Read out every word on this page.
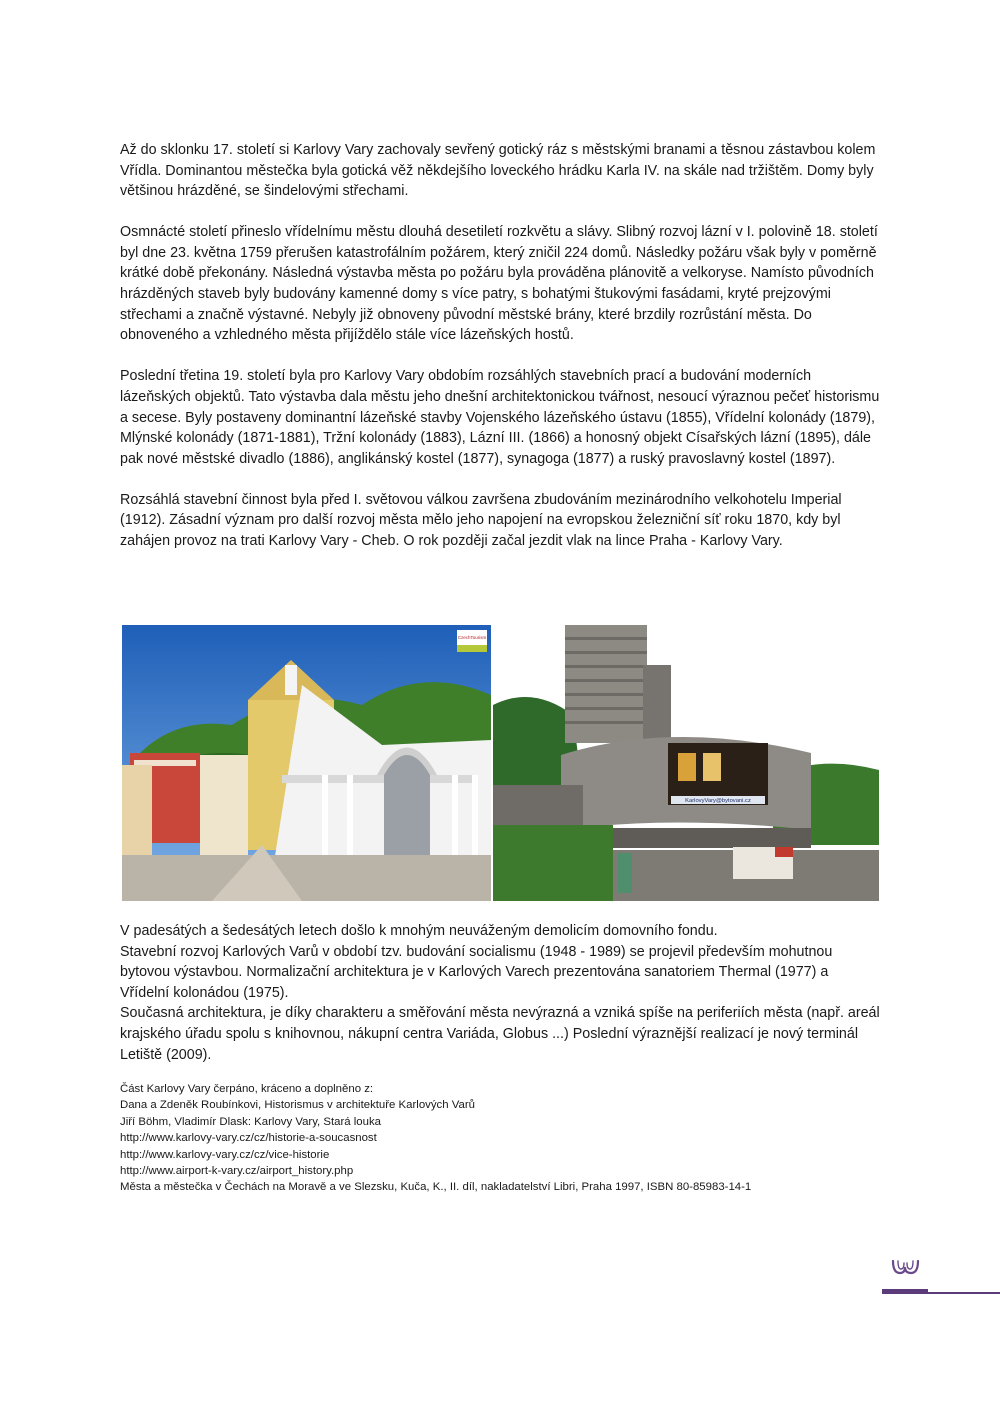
Až do sklonku 17. století si Karlovy Vary zachovaly sevřený gotický ráz s městskými branami a těsnou zástavbou kolem Vřídla. Dominantou městečka byla gotická věž někdejšího loveckého hrádku Karla IV. na skále nad tržištěm. Domy byly většinou hrázděné, se šindelovými střechami.

Osmnácté století přineslo vřídelnímu městu dlouhá desetiletí rozkvětu a slávy. Slibný rozvoj lázní v I. polovině 18. století byl dne 23. května 1759 přerušen katastrofálním požárem, který zničil 224 domů. Následky požáru však byly v poměrně krátké době překonány. Následná výstavba města po požáru byla prováděna plánovitě a velkoryse. Namísto původních hrázděných staveb byly budovány kamenné domy s více patry, s bohatými štukovými fasádami, kryté prejzovými střechami a značně výstavné. Nebyly již obnoveny původní městské brány, které brzdily rozrůstání města. Do obnoveného a vzhledného města přijíždělo stále více lázeňských hostů.

Poslední třetina 19. století byla pro Karlovy Vary obdobím rozsáhlých stavebních prací a budování moderních lázeňských objektů. Tato výstavba dala městu jeho dnešní architektonickou tvářnost, nesoucí výraznou pečeť historismu a secese. Byly postaveny dominantní lázeňské stavby Vojenského lázeňského ústavu (1855), Vřídelní kolonády (1879), Mlýnské kolonády (1871-1881), Tržní kolonády (1883), Lázní III. (1866) a honosný objekt Císařských lázní (1895), dále pak nové městské divadlo (1886), anglikánský kostel (1877), synagoga (1877) a ruský pravoslavný kostel (1897).

Rozsáhlá stavební činnost byla před I. světovou válkou završena zbudováním mezinárodního velkohotelu Imperial (1912). Zásadní význam pro další rozvoj města mělo jeho napojení na evropskou železniční síť roku 1870, kdy byl zahájen provoz na trati Karlovy Vary - Cheb. O rok později začal jezdit vlak na lince Praha - Karlovy Vary.

CzechTourism
KarlovyVary@bytovani.cz

V padesátých a šedesátých letech došlo k mnohým neuváženým demolicím domovního fondu.

Stavební rozvoj Karlových Varů v období tzv. budování socialismu (1948 - 1989) se projevil především mohutnou bytovou výstavbou. Normalizační architektura je v Karlových Varech prezentována sanatoriem Thermal (1977) a Vřídelní kolonádou (1975).

Současná architektura, je díky charakteru a směřování města nevýrazná a vzniká spíše na periferiích města (např. areál krajského úřadu spolu s knihovnou, nákupní centra Variáda, Globus ...) Poslední výraznější realizací je nový terminál Letiště (2009).

Část Karlovy Vary čerpáno, kráceno a doplněno z:

Dana a Zdeněk Roubínkovi, Historismus v architektuře Karlových Varů

Jiří Böhm, Vladimír Dlask: Karlovy Vary, Stará louka

http://www.karlovy-vary.cz/cz/historie-a-soucasnost

http://www.karlovy-vary.cz/cz/vice-historie

http://www.airport-k-vary.cz/airport_history.php

Města a městečka v Čechách na Moravě a ve Slezsku, Kuča, K., II. díl, nakladatelství Libri, Praha 1997, ISBN 80-85983-14-1
